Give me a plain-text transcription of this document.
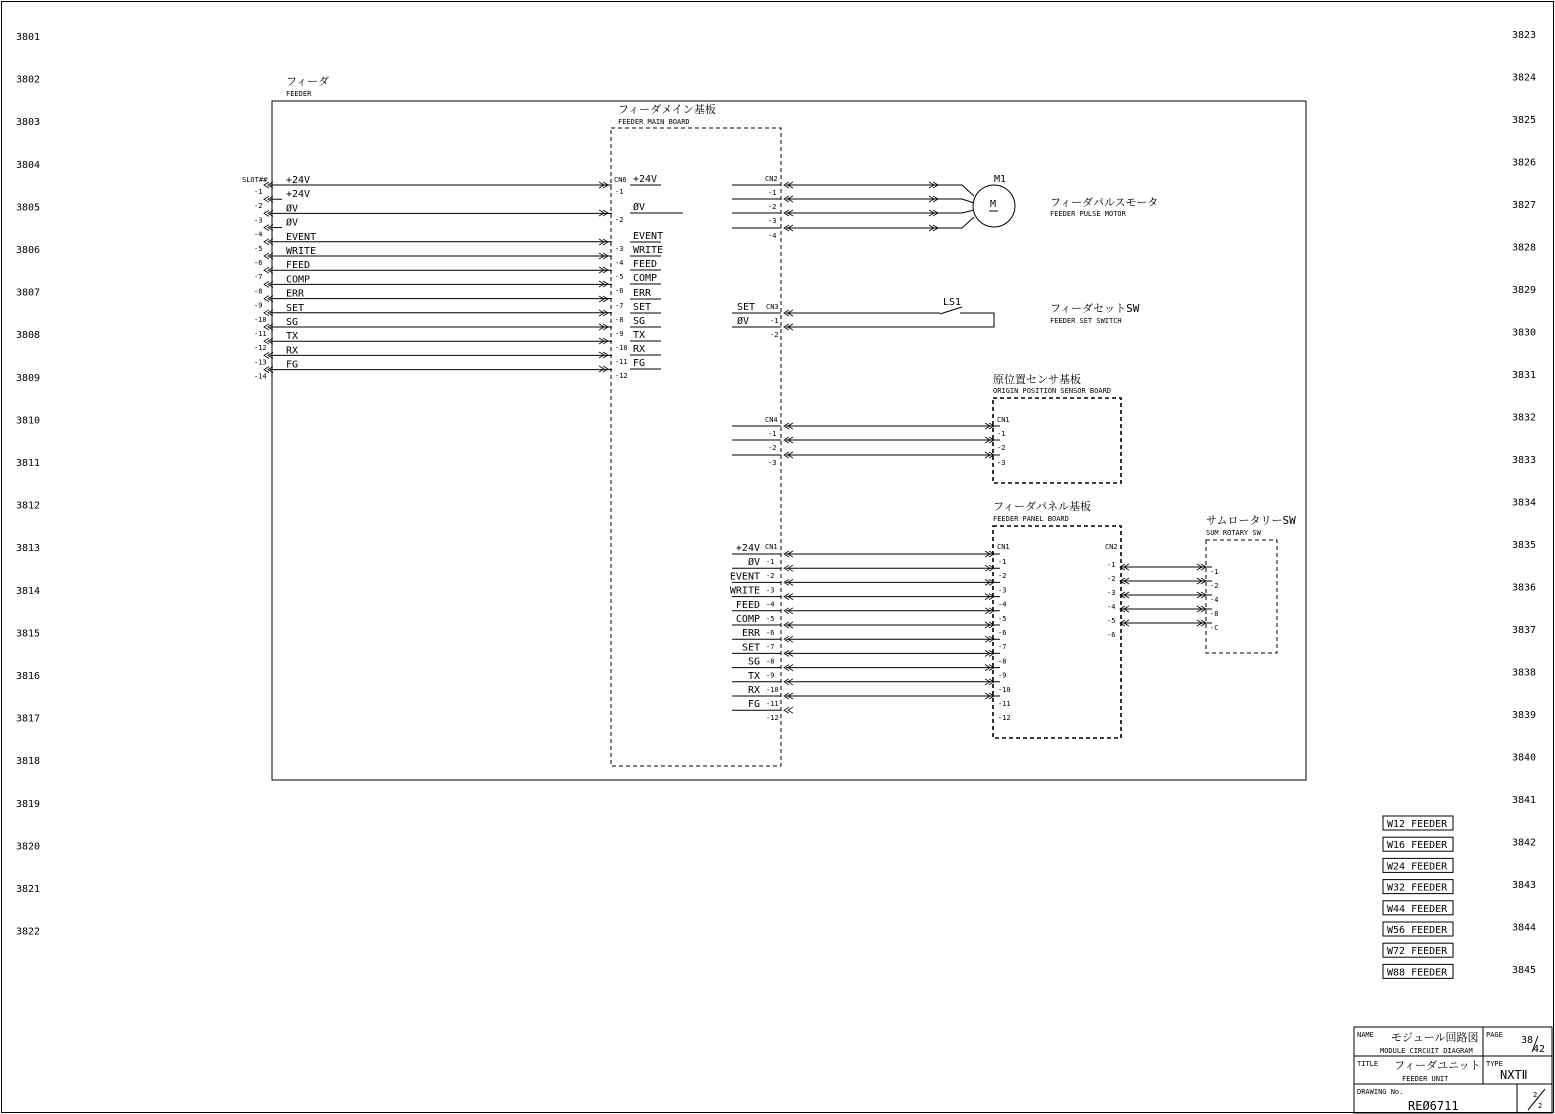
3801
3802
3803
3804
3805
3806
3807
3808
3809
3810
3811
3812
3813
3814
3815
3816
3817
3818
3819
3820
3821
3822
3823
3824
3825
3826
3827
3828
3829
3830
3831
3832
3833
3834
3835
3836
3837
3838
3839
3840
3841
3842
3843
3844
3845
フィーダ
FEEDER
フィーダメイン基板
FEEDER MAIN BOARD
SLOT## +24V
+24V
ØV
ØV
EVENT
WRITE
FEED
COMP
ERR
SET
SG
TX
RX
FG
-1
-2
-3
-4
-5
-6
-7
-8
-9
-10
-11
-12
-13
-14
CN6 +24V
-1
ØV
-2
EVENT
-3 WRITE
-4 FEED
-5 COMP
-6 ERR
-7 SET
-8 SG
-9 TX
-10 RX
-11 FG
-12
CN2
-1
-2
-3
-4
M1
M	フィーダパルスモータ
FEEDER PULSE MOTOR
CN3
SET
-1
ØV
-2
LS1	フィーダセットSW
FEEDER SET SWITCH
原位置センサ基板
ORIGIN POSITION SENSOR BOARD
CN4	CN1
-1	-1
-2	-2
-3	-3
フィーダパネル基板
FEEDER PANEL BOARD
CN1	CN1	CN2
+24V
-1	-1
ØV
-2	-2
EVENT
-3	-3
WRITE
-4	-4
FEED
-5	-5
COMP
-6	-6
ERR
-7	-7
SET
-8	-8
SG
-9	-9
TX
-10	-10
RX
-11	-11
FG
-12	-12
-1
-1
-2
-2
-3
-4
-4
-8
-5
-C
-6
サムロータリーSW
SUM ROTARY SW
W12 FEEDER
W16 FEEDER
W24 FEEDER
W32 FEEDER
W44 FEEDER
W56 FEEDER
W72 FEEDER
W88 FEEDER
NAME モジュール回路図
MODULE CIRCUIT DIAGRAM
PAGE 38
42
TITLE フィーダユニット
FEEDER UNIT
TYPE
NXTⅡ
DRAWING No.
REØ6711
2
2
